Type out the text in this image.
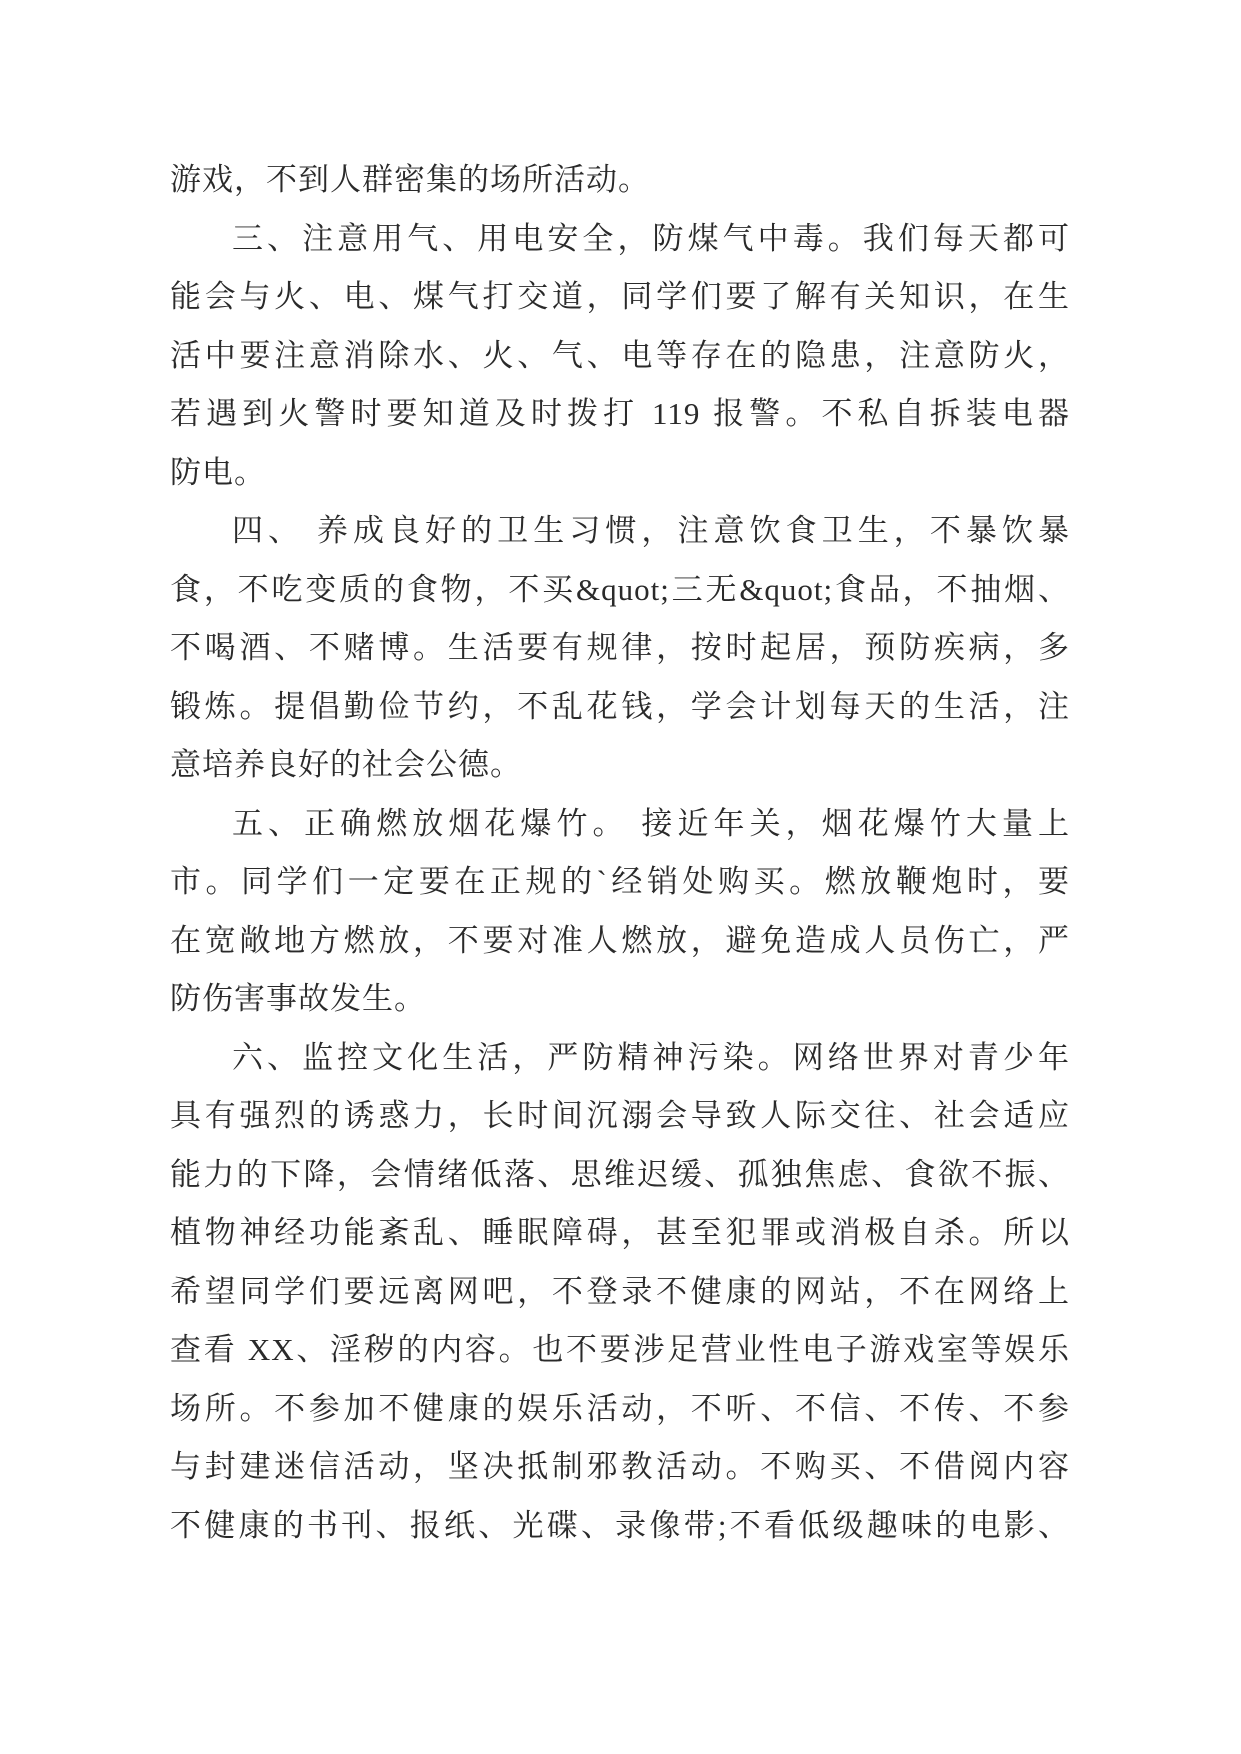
游戏，不到人群密集的场所活动。
三、注意用气、用电安全，防煤气中毒。我们每天都可
能会与火、电、煤气打交道，同学们要了解有关知识，在生
活中要注意消除水、火、气、电等存在的隐患，注意防火，
若遇到火警时要知道及时拨打 119 报警。不私自拆装电器
防电。
四、 养成良好的卫生习惯，注意饮食卫生，不暴饮暴
食，不吃变质的食物，不买&quot;三无&quot;食品，不抽烟、
不喝酒、不赌博。生活要有规律，按时起居，预防疾病，多
锻炼。提倡勤俭节约，不乱花钱，学会计划每天的生活，注
意培养良好的社会公德。
五、正确燃放烟花爆竹。 接近年关，烟花爆竹大量上
市。同学们一定要在正规的`经销处购买。燃放鞭炮时，要
在宽敞地方燃放，不要对准人燃放，避免造成人员伤亡，严
防伤害事故发生。
六、监控文化生活，严防精神污染。网络世界对青少年
具有强烈的诱惑力，长时间沉溺会导致人际交往、社会适应
能力的下降，会情绪低落、思维迟缓、孤独焦虑、食欲不振、
植物神经功能紊乱、睡眠障碍，甚至犯罪或消极自杀。所以
希望同学们要远离网吧，不登录不健康的网站，不在网络上
查看 XX、淫秽的内容。也不要涉足营业性电子游戏室等娱乐
场所。不参加不健康的娱乐活动，不听、不信、不传、不参
与封建迷信活动，坚决抵制邪教活动。不购买、不借阅内容
不健康的书刊、报纸、光碟、录像带;不看低级趣味的电影、
